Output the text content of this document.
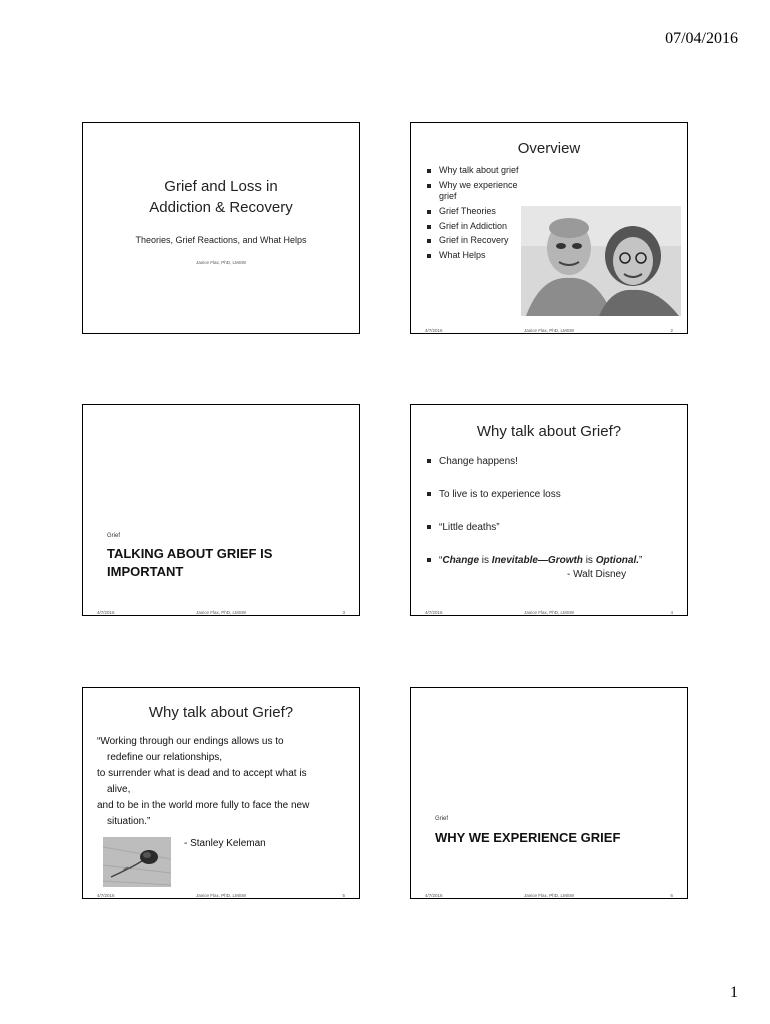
07/04/2016
Grief and Loss in
Addiction & Recovery
Theories, Grief Reactions, and What Helps
Janice Flax, PhD, LMSW
Overview
Why talk about grief
Why we experience grief
Grief Theories
Grief in Addiction
Grief in Recovery
What Helps
4/7/2016	Janice Flax, PhD, LMSW	2
Grief
TALKING ABOUT GRIEF IS IMPORTANT
4/7/2016	Janice Flax, PhD, LMSW	3
Why talk about Grief?
Change happens!
To live is to experience loss
“Little deaths”
“Change is Inevitable—Growth is Optional.”
- Walt Disney
4/7/2016	Janice Flax, PhD, LMSW	4
Why talk about Grief?
“Working through our endings allows us to
redefine our relationships,
to surrender what is dead and to accept what is
alive,
and to be in the world more fully to face the new
situation.”
- Stanley Keleman
4/7/2016	Janice Flax, PhD, LMSW	5
Grief
WHY WE EXPERIENCE GRIEF
4/7/2016	Janice Flax, PhD, LMSW	6
1
